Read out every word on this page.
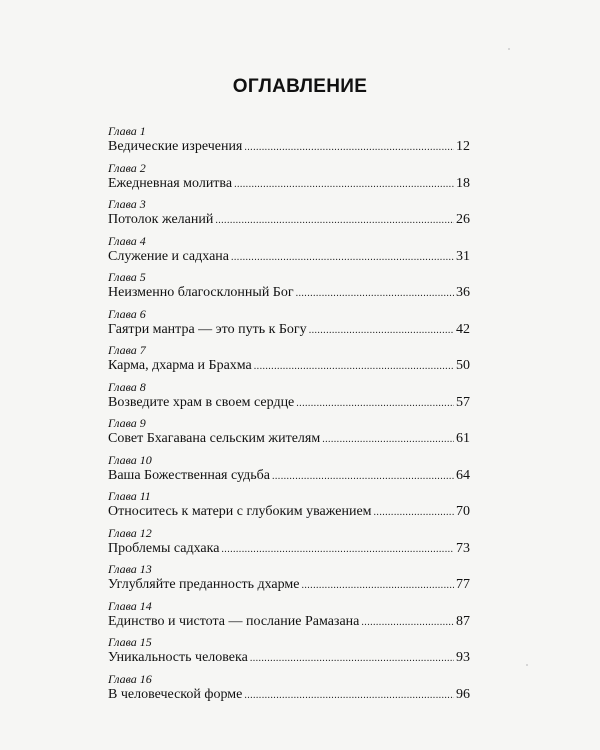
ОГЛАВЛЕНИЕ
Глава 1
Ведические изречения .....	12
Глава 2
Ежедневная молитва .....	18
Глава 3
Потолок желаний .....	26
Глава 4
Служение и садхана .....	31
Глава 5
Неизменно благосклонный Бог .....	36
Глава 6
Гаятри мантра — это путь к Богу .....	42
Глава 7
Карма, дхарма и Брахма .....	50
Глава 8
Возведите храм в своем сердце .....	57
Глава 9
Совет Бхагавана сельским жителям .....	61
Глава 10
Ваша Божественная судьба .....	64
Глава 11
Относитесь к матери с глубоким уважением .....	70
Глава 12
Проблемы садхака .....	73
Глава 13
Углубляйте преданность дхарме .....	77
Глава 14
Единство и чистота — послание Рамазана .....	87
Глава 15
Уникальность человека .....	93
Глава 16
В человеческой форме .....	96
